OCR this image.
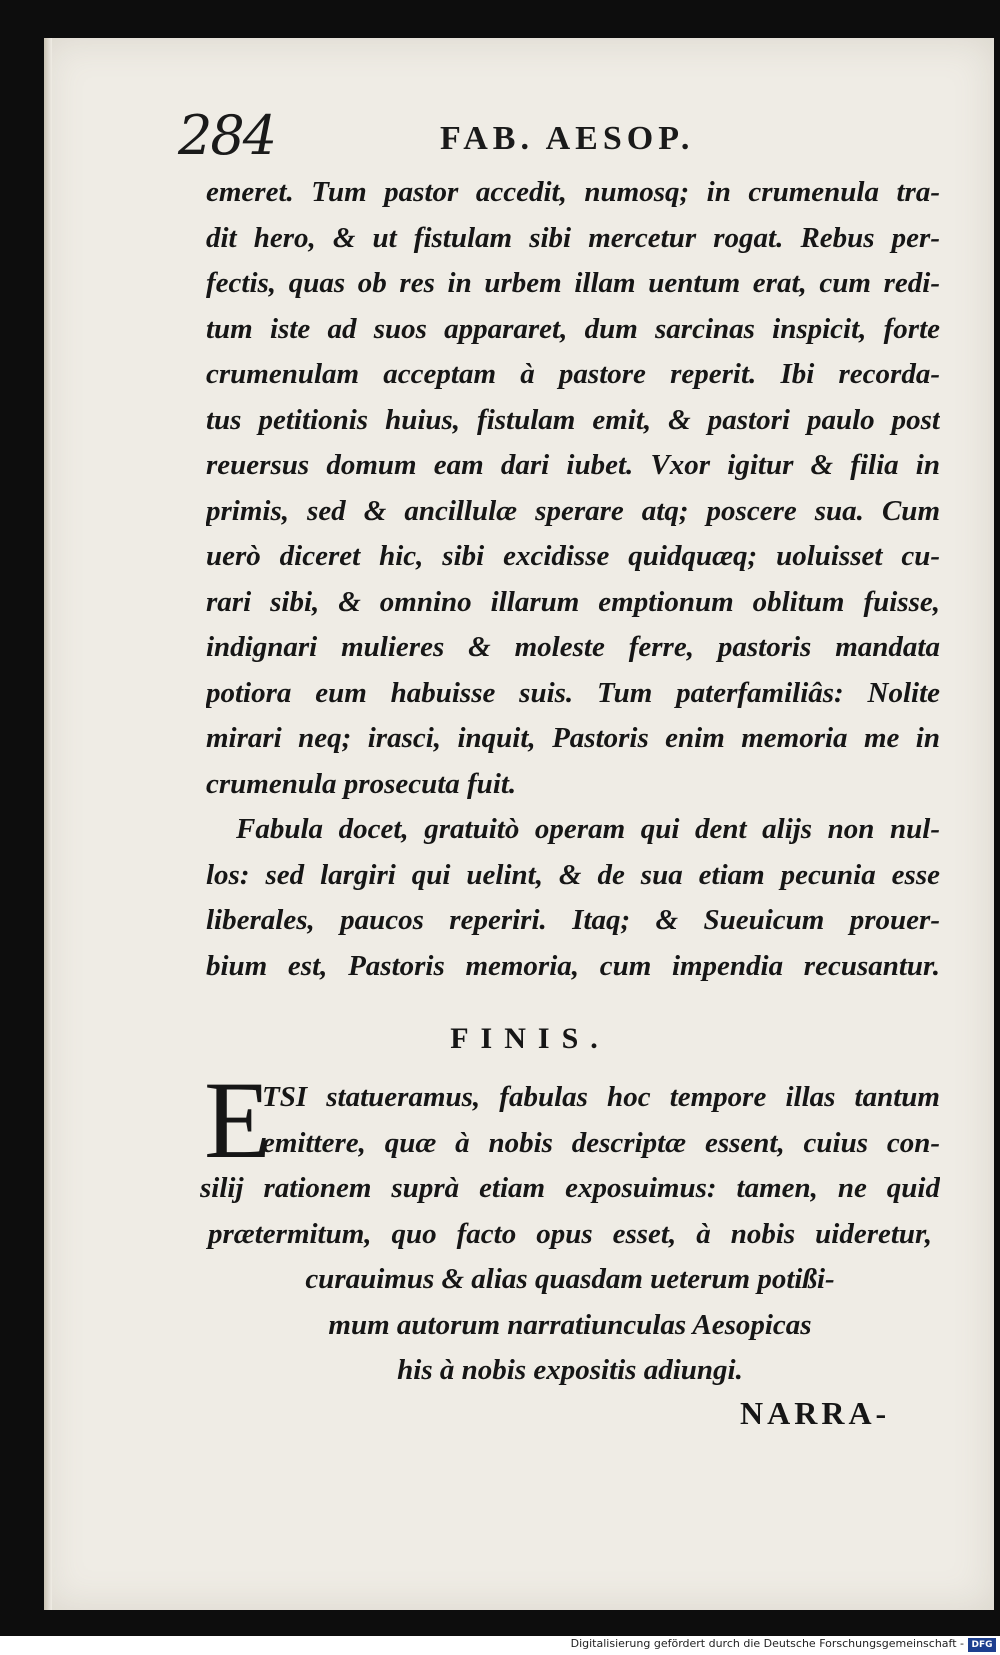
284	FAB. AESOP.
emeret. Tum pastor accedit, numosq; in crumenula tra-
dit hero, & ut fistulam sibi mercetur rogat. Rebus per-
fectis, quas ob res in urbem illam uentum erat, cum redi-
tum iste ad suos appararet, dum sarcinas inspicit, forte
crumenulam acceptam à pastore reperit. Ibi recorda-
tus petitionis huius, fistulam emit, & pastori paulo post
reuersus domum eam dari iubet. Vxor igitur & filia in
primis, sed & ancillulæ sperare atq; poscere sua. Cum
uerò diceret hic, sibi excidisse quidquæq; uoluisset cu-
rari sibi, & omnino illarum emptionum oblitum fuisse,
indignari mulieres & moleste ferre, pastoris mandata
potiora eum habuisse suis. Tum paterfamiliâs: Nolite
mirari neq; irasci, inquit, Pastoris enim memoria me in
crumenula prosecuta fuit.
Fabula docet, gratuitò operam qui dent alijs non nul-
los: sed largiri qui uelint, & de sua etiam pecunia esse
liberales, paucos reperiri. Itaq; & Sueuicum prouer-
bium est, Pastoris memoria, cum impendia recusantur.
FINIS.
E
TSI statueramus, fabulas hoc tempore illas tantum
emittere, quæ à nobis descriptæ essent, cuius con-
silij rationem suprà etiam exposuimus: tamen, ne quid
prætermitum, quo facto opus esset, à nobis uideretur,
curauimus & alias quasdam ueterum potißi-
mum autorum narratiunculas Aesopicas
his à nobis expositis adiungi.
NARRA-
Digitalisierung gefördert durch die Deutsche Forschungsgemeinschaft - DFG
